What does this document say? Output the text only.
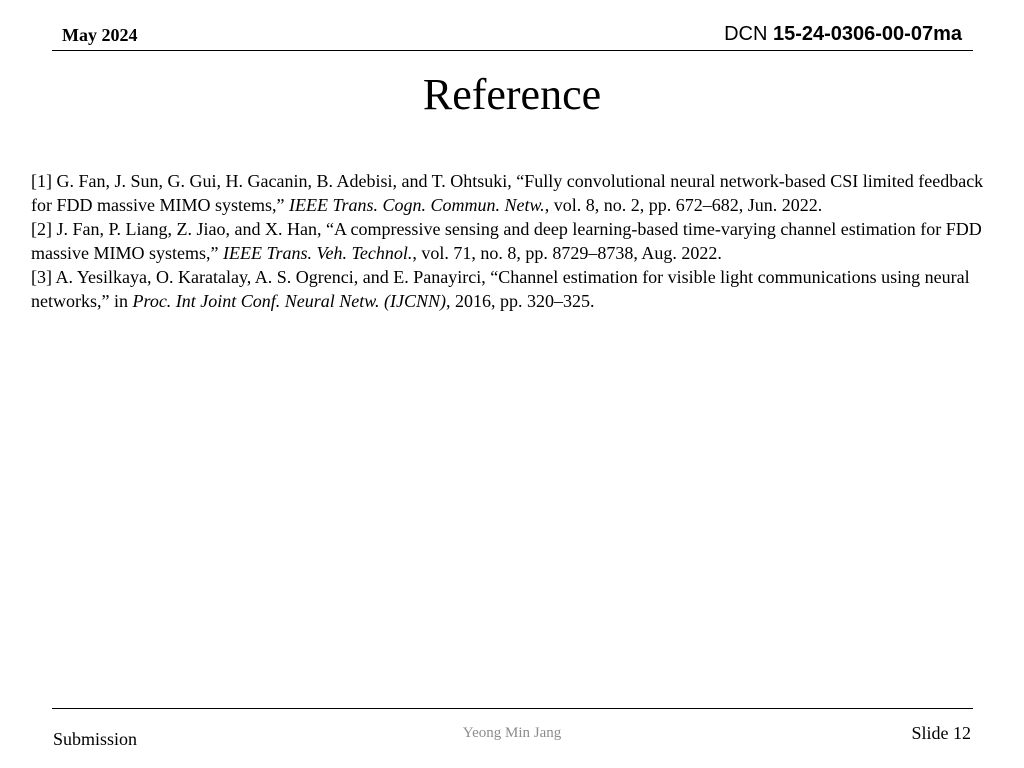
May 2024	DCN 15-24-0306-00-07ma
Reference

[1] G. Fan, J. Sun, G. Gui, H. Gacanin, B. Adebisi, and T. Ohtsuki, “Fully convolutional neural network-based CSI limited feedback for FDD massive MIMO systems,” IEEE Trans. Cogn. Commun. Netw., vol. 8, no. 2, pp. 672–682, Jun. 2022.

[2] J. Fan, P. Liang, Z. Jiao, and X. Han, “A compressive sensing and deep learning-based time-varying channel estimation for FDD massive MIMO systems,” IEEE Trans. Veh. Technol., vol. 71, no. 8, pp. 8729–8738, Aug. 2022.

[3] A. Yesilkaya, O. Karatalay, A. S. Ogrenci, and E. Panayirci, “Channel estimation for visible light communications using neural networks,” in Proc. Int Joint Conf. Neural Netw. (IJCNN), 2016, pp. 320–325.

Submission	Yeong Min Jang	Slide 12
